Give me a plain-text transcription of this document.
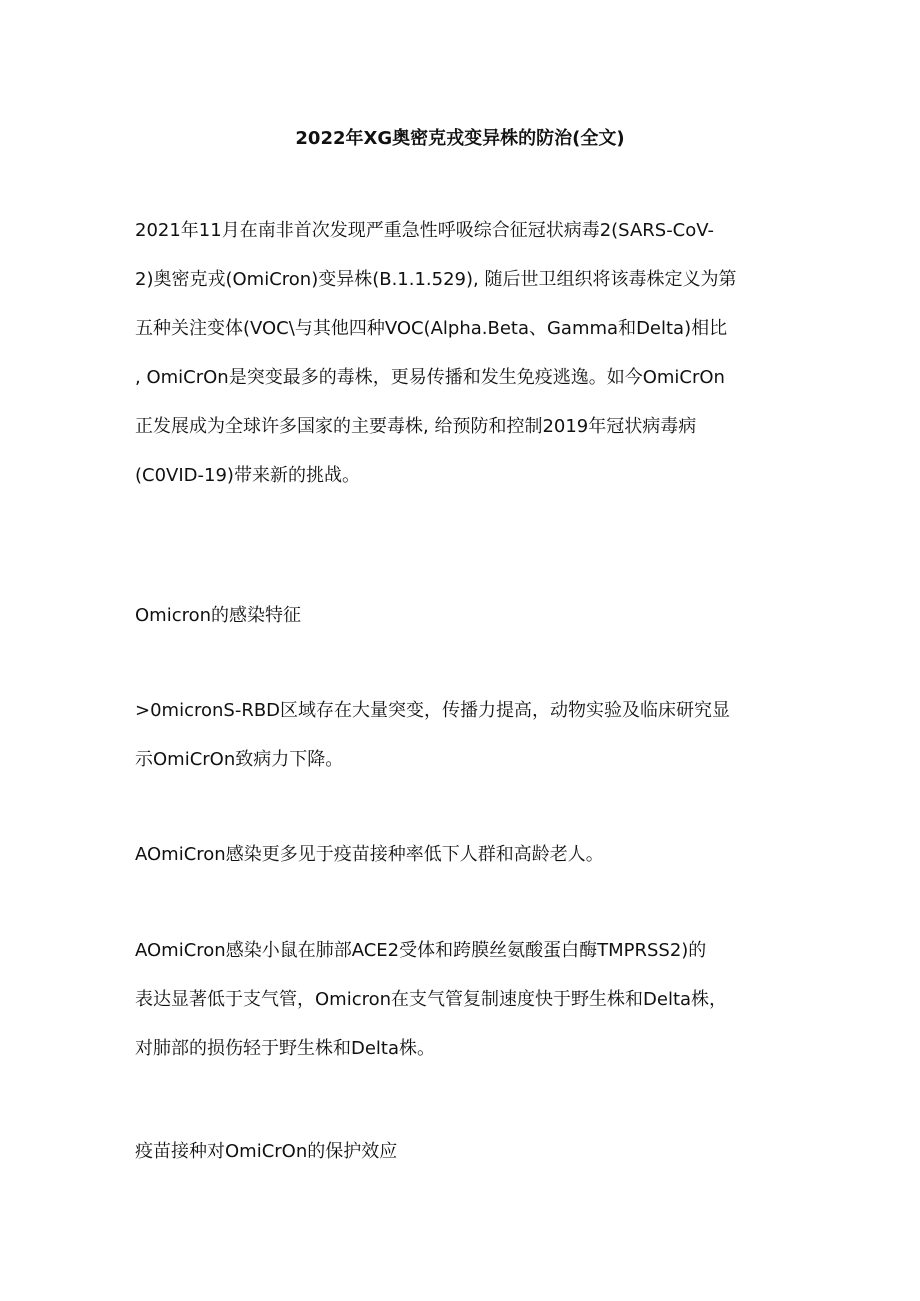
2022年XG奥密克戎变异株的防治(全文)
2021年11月在南非首次发现严重急性呼吸综合征冠状病毒2(SARS-CoV-
2)奥密克戎(OmiCron)变异株(B.1.1.529), 随后世卫组织将该毒株定义为第
五种关注变体(VOC\与其他四种VOC(Alpha.Beta、Gamma和Delta)相比
, OmiCrOn是突变最多的毒株，更易传播和发生免疫逃逸。如今OmiCrOn
正发展成为全球许多国家的主要毒株, 给预防和控制2019年冠状病毒病
(C0VID-19)带来新的挑战。
Omicron的感染特征
>0micronS-RBD区域存在大量突变，传播力提高，动物实验及临床研究显
示OmiCrOn致病力下降。
AOmiCron感染更多见于疫苗接种率低下人群和高龄老人。
AOmiCron感染小鼠在肺部ACE2受体和跨膜丝氨酸蛋白酶TMPRSS2)的
表达显著低于支气管，Omicron在支气管复制速度快于野生株和Delta株，
对肺部的损伤轻于野生株和Delta株。
疫苗接种对OmiCrOn的保护效应
